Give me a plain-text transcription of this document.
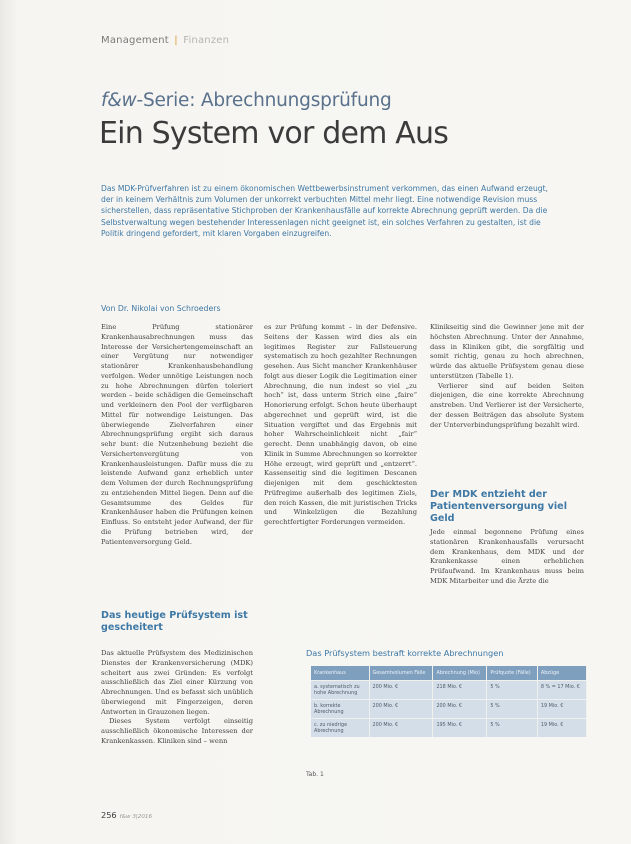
Management | Finanzen
f&w-Serie: Abrechnungsprüfung
Ein System vor dem Aus

Das MDK-Prüfverfahren ist zu einem ökonomischen Wettbewerbsinstrument verkommen, das einen Aufwand erzeugt, der in keinem Verhältnis zum Volumen der unkorrekt verbuchten Mittel mehr liegt. Eine notwendige Revision muss sicherstellen, dass repräsentative Stichproben der Krankenhausfälle auf korrekte Abrechnung geprüft werden. Da die Selbstverwaltung wegen bestehender Interessenlagen nicht geeignet ist, ein solches Verfahren zu gestalten, ist die Politik dringend gefordert, mit klaren Vorgaben einzugreifen.

Von Dr. Nikolai von Schroeders

Eine Prüfung stationärer Krankenhausabrechnungen muss das Interesse der Versichertengemeinschaft an einer Vergütung nur notwendiger stationärer Krankenhausbehandlung verfolgen. Weder unnötige Leistungen noch zu hohe Abrechnungen dürfen toleriert werden – beide schädigen die Gemeinschaft und verkleinern den Pool der verfügbaren Mittel für notwendige Leistungen. Das überwiegende Zielverfahren einer Abrechnungsprüfung ergibt sich daraus sehr bunt: die Nutzenhebung bezieht die Versichertenvergütung von Krankenhausleistungen. Dafür muss die zu leistende Aufwand ganz erheblich unter dem Volumen der durch Rechnungsprüfung zu entziehenden Mittel liegen. Denn auf die Gesamtsumme des Geldes für Krankenhäuser haben die Prüfungen keinen Einfluss. So entsteht jeder Aufwand, der für die Prüfung betrieben wird, der Patientenversorgung Geld.

Das heutige Prüfsystem ist gescheitert

Das aktuelle Prüfsystem des Medizinischen Dienstes der Krankenversicherung (MDK) scheitert aus zwei Gründen: Es verfolgt ausschließlich das Ziel einer Kürzung von Abrechnungen. Und es befasst sich unüblich überwiegend mit Fingerzeigen, deren Antworten in Grauzonen liegen.

Dieses System verfolgt einseitig ausschließlich ökonomische Interessen der Krankenkassen. Kliniken sind – wenn

es zur Prüfung kommt – in der Defensive. Seitens der Kassen wird dies als ein legitimes Register zur Fallsteuerung systematisch zu hoch gezahlter Rechnungen gesehen. Aus Sicht mancher Krankenhäuser folgt aus dieser Logik die Legitimation einer Abrechnung, die nun indest so viel „zu hoch“ ist, dass unterm Strich eine „faire“ Honorierung erfolgt. Schon heute überhaupt abgerechnet und geprüft wird, ist die Situation vergiftet und das Ergebnis mit hoher Wahrscheinlichkeit nicht „fair“ gerecht. Denn unabhängig davon, ob eine Klinik in Summe Abrechnungen so korrekter Höhe erzeugt, wird geprüft und „entzerrt“. Kassenseitig sind die legitimen Descanen diejenigen mit dem geschicktesten Prüfregime außerhalb des legitimen Ziels, den reich Kassen, die mit juristischen Tricks und Winkelzügen die Bezahlung gerechtfertigter Forderungen vermeiden.

Klinikseitig sind die Gewinner jene mit der höchsten Abrechnung. Unter der Annahme, dass in Kliniken gibt, die sorgfältig und somit richtig, genau zu hoch abrechnen, würde das aktuelle Prüfsystem genau diese unterstützen (Tabelle 1).

Verlierer sind auf beiden Seiten diejenigen, die eine korrekte Abrechnung anstreben. Und Verlierer ist der Versicherte, der dessen Beiträgen das absolute System der Unterverbindungsprüfung bezahlt wird.

Der MDK entzieht der Patientenversorgung viel Geld

Jede einmal begonnene Prüfung eines stationären Krankenhausfalls verursacht dem Krankenhaus, dem MDK und der Krankenkasse einen erheblichen Prüfaufwand. Im Krankenhaus muss beim MDK Mitarbeiter und die Ärzte die

Das Prüfsystem bestraft korrekte Abrechnungen
Krankenhaus	Gesamtvolumen Fälle	Abrechnung (Mio)	Prüfquote (Fälle)	Abzüge
a. systematisch zu hohe Abrechnung	200 Mio. €	218 Mio. €	5 %	8 % = 17 Mio. €
b. korrekte Abrechnung	200 Mio. €	200 Mio. €	5 %	19 Mio. €
c. zu niedrige Abrechnung	200 Mio. €	195 Mio. €	5 %	19 Mio. €
Tab. 1
256 f&w 3|2016
